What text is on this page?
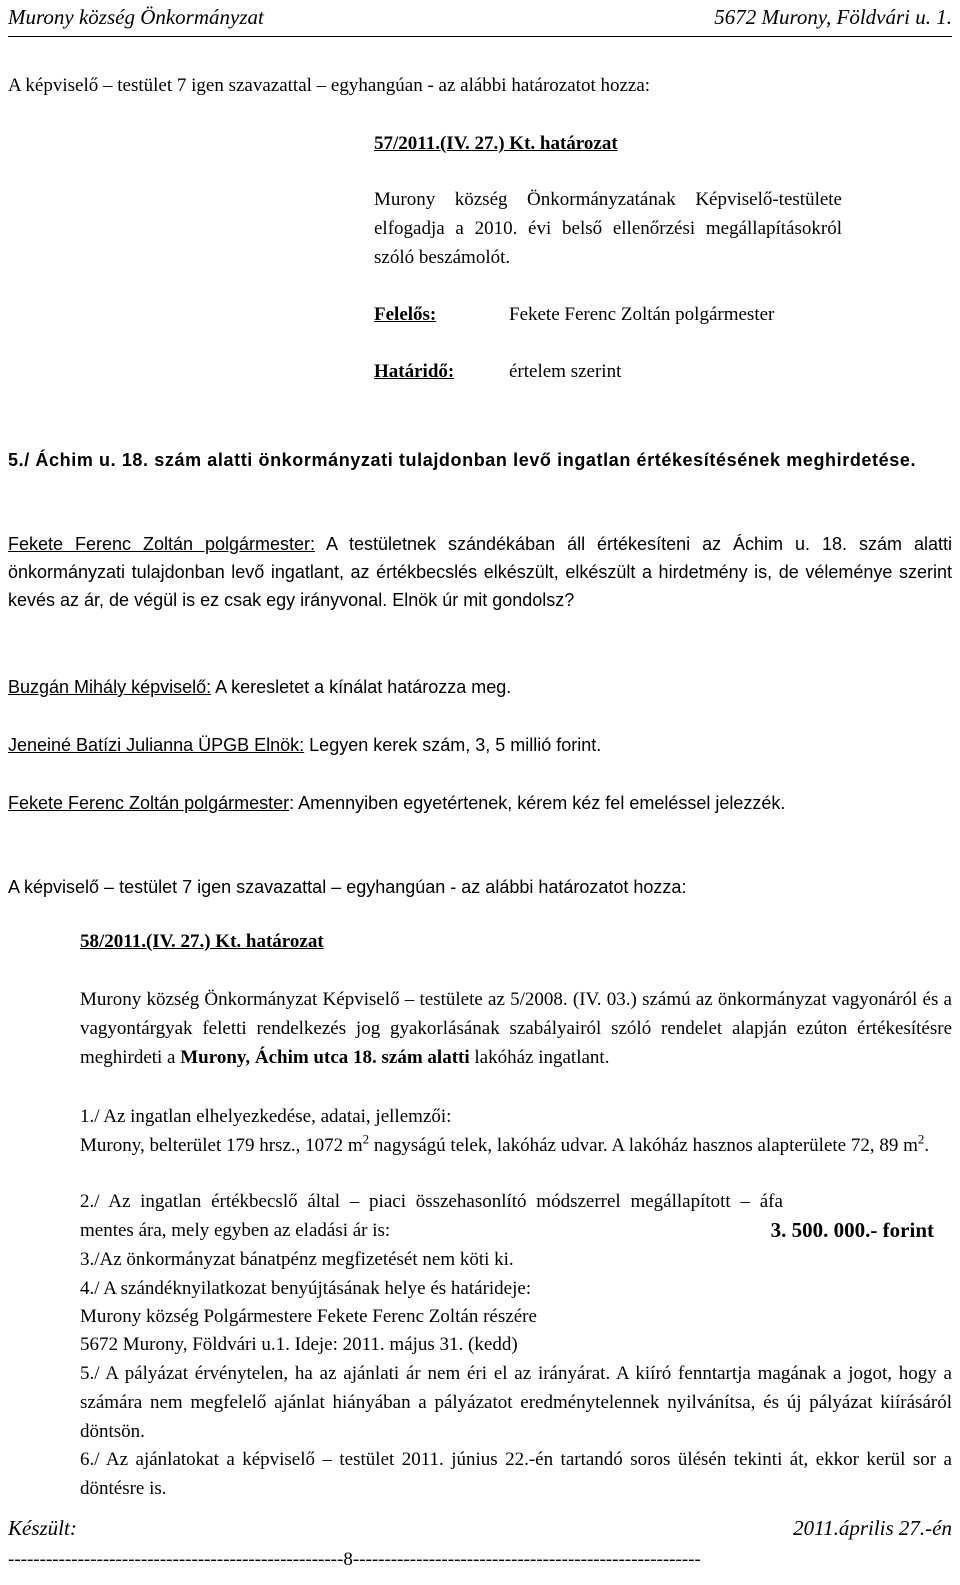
Murony község Önkormányzat	5672 Murony, Földvári u. 1.
A képviselő – testület 7 igen szavazattal – egyhangúan - az alábbi határozatot hozza:
57/2011.(IV. 27.) Kt. határozat
Murony község Önkormányzatának Képviselő-testülete elfogadja a 2010. évi belső ellenőrzési megállapításokról szóló beszámolót.
Felelős:	Fekete Ferenc Zoltán polgármester
Határidő:	értelem szerint
5./ Áchim u. 18. szám alatti önkormányzati tulajdonban levő ingatlan értékesítésének meghirdetése.
Fekete Ferenc Zoltán polgármester: A testületnek szándékában áll értékesíteni az Áchim u. 18. szám alatti önkormányzati tulajdonban levő ingatlant, az értékbecslés elkészült, elkészült a hirdetmény is, de véleménye szerint kevés az ár, de végül is ez csak egy irányvonal. Elnök úr mit gondolsz?
Buzgán Mihály képviselő: A keresletet a kínálat határozza meg.
Jeneiné Batízi Julianna ÜPGB Elnök: Legyen kerek szám, 3, 5 millió forint.
Fekete Ferenc Zoltán polgármester: Amennyiben egyetértenek, kérem kéz fel emeléssel jelezzék.
A képviselő – testület 7 igen szavazattal – egyhangúan - az alábbi határozatot hozza:
58/2011.(IV. 27.) Kt. határozat
Murony község Önkormányzat Képviselő – testülete az 5/2008. (IV. 03.) számú az önkormányzat vagyonáról és a vagyontárgyak feletti rendelkezés jog gyakorlásának szabályairól szóló rendelet alapján ezúton értékesítésre meghirdeti a Murony, Áchim utca 18. szám alatti lakóház ingatlant.
1./ Az ingatlan elhelyezkedése, adatai, jellemzői:
Murony, belterület 179 hrsz., 1072 $m^2$ nagyságú telek, lakóház udvar. A lakóház hasznos alapterülete 72, 89 $m^2$.
2./ Az ingatlan értékbecslő által – piaci összehasonlító módszerrel megállapított – áfa
mentes ára, mely egyben az eladási ár is:	3. 500. 000.- forint
3./Az önkormányzat bánatpénz megfizetését nem köti ki.
4./ A szándéknyilatkozat benyújtásának helye és határideje:
Murony község Polgármestere Fekete Ferenc Zoltán részére
5672 Murony, Földvári u.1. Ideje: 2011. május 31. (kedd)
5./ A pályázat érvénytelen, ha az ajánlati ár nem éri el az irányárat. A kiíró fenntartja magának a jogot, hogy a számára nem megfelelő ajánlat hiányában a pályázatot eredménytelennek nyilvánítsa, és új pályázat kiírásáról döntsön.
6./ Az ajánlatokat a képviselő – testület 2011. június 22.-én tartandó soros ülésén tekinti át, ekkor kerül sor a döntésre is.
Készült:	2011.április 27.-én
-----------------------------------------------------8-------------------------------------------------------
